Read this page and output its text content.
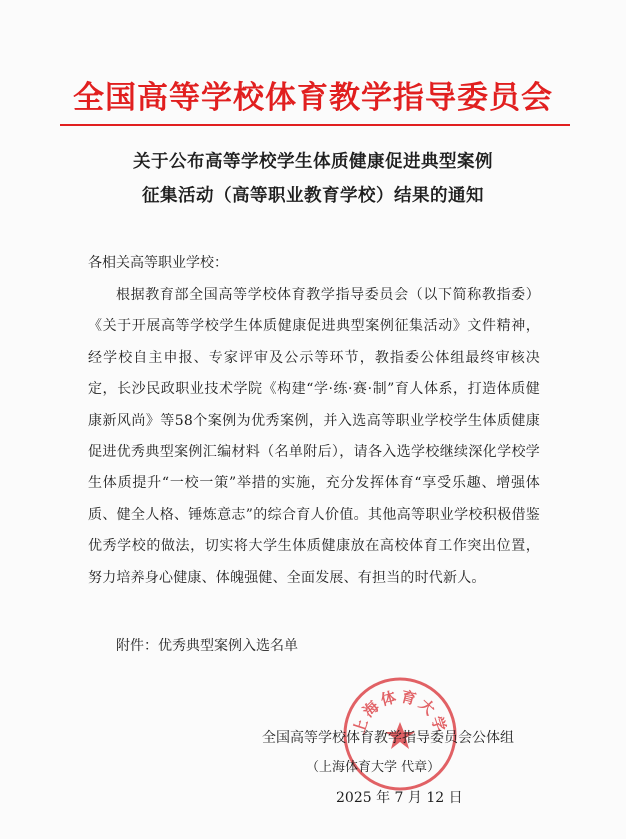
全国高等学校体育教学指导委员会
关于公布高等学校学生体质健康促进典型案例
征集活动（高等职业教育学校）结果的通知
各相关高等职业学校：
根据教育部全国高等学校体育教学指导委员会（以下简称教指委）《关于开展高等学校学生体质健康促进典型案例征集活动》文件精神，经学校自主申报、专家评审及公示等环节，教指委公体组最终审核决定，长沙民政职业技术学院《构建“学·练·赛·制”育人体系，打造体质健康新风尚》等58个案例为优秀案例，并入选高等职业学校学生体质健康促进优秀典型案例汇编材料（名单附后），请各入选学校继续深化学校学生体质提升“一校一策”举措的实施，充分发挥体育“享受乐趣、增强体质、健全人格、锤炼意志”的综合育人价值。其他高等职业学校积极借鉴优秀学校的做法，切实将大学生体质健康放在高校体育工作突出位置，努力培养身心健康、体魄强健、全面发展、有担当的时代新人。
附件：优秀典型案例入选名单
上海体育大学
全国高等学校体育教学指导委员会公体组
（上海体育大学 代章）
2025 年 7 月 12 日
